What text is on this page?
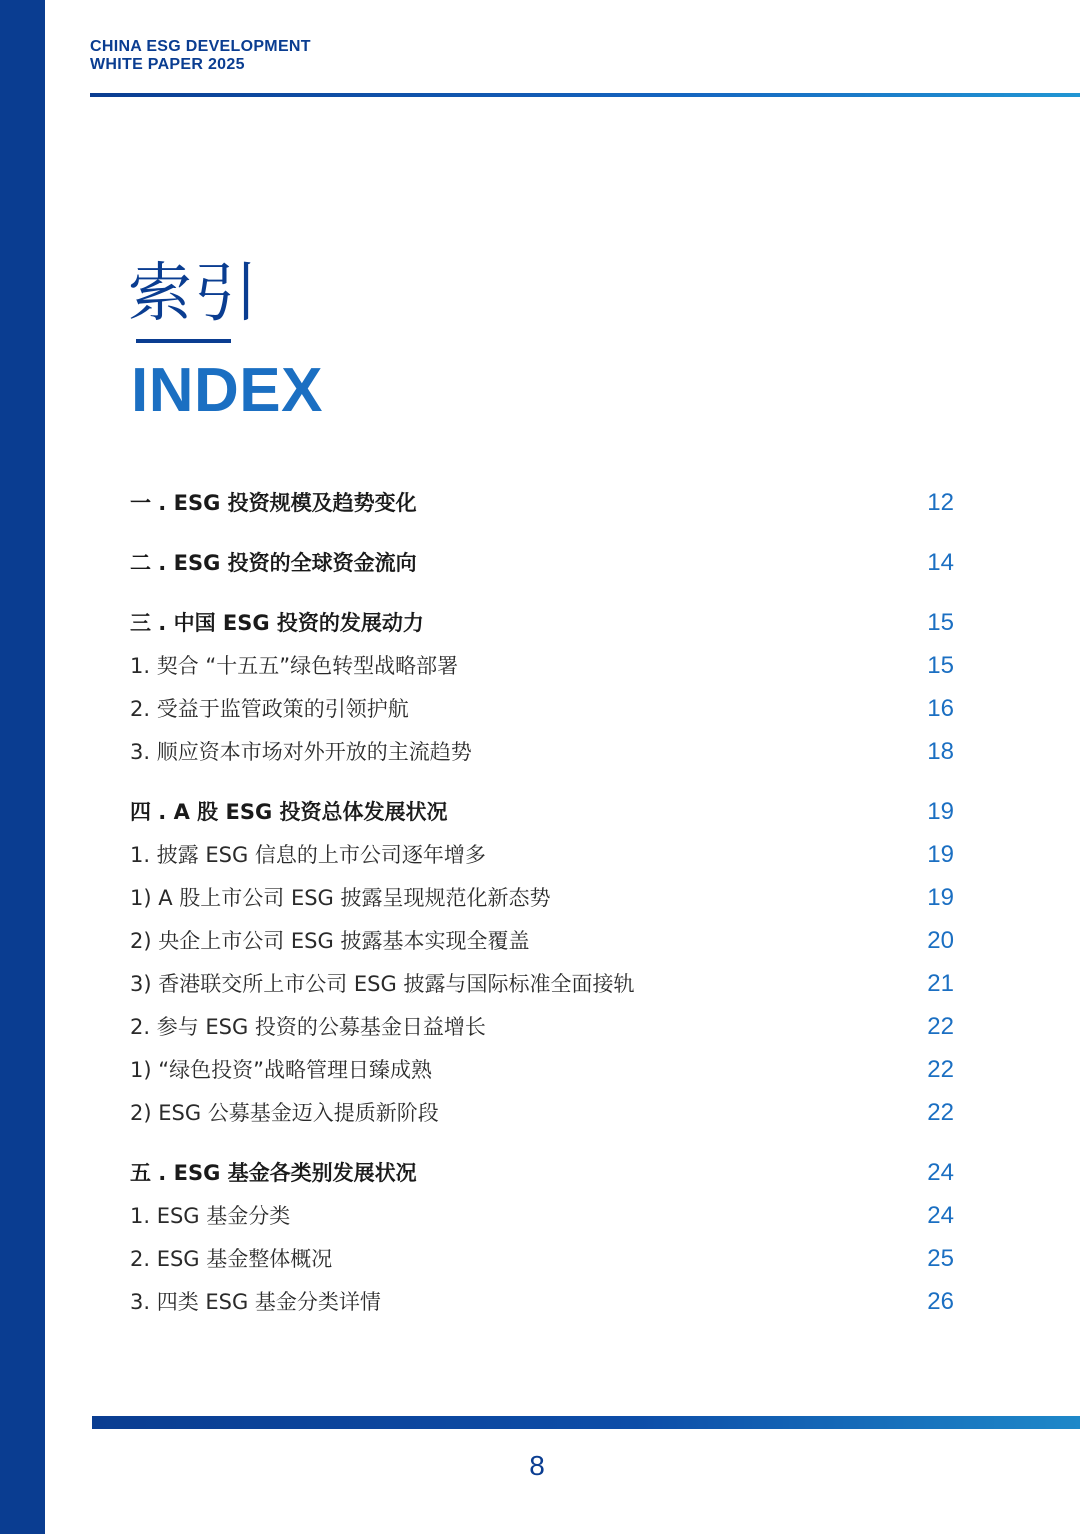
CHINA ESG DEVELOPMENT
WHITE PAPER 2025
索引
INDEX
一 . ESG 投资规模及趋势变化	12
二 . ESG 投资的全球资金流向	14
三 . 中国 ESG 投资的发展动力	15
1. 契合 “十五五”绿色转型战略部署	15
2. 受益于监管政策的引领护航	16
3. 顺应资本市场对外开放的主流趋势	18
四 . A 股 ESG 投资总体发展状况	19
1. 披露 ESG 信息的上市公司逐年增多	19
1) A 股上市公司 ESG 披露呈现规范化新态势	19
2) 央企上市公司 ESG 披露基本实现全覆盖	20
3) 香港联交所上市公司 ESG 披露与国际标准全面接轨	21
2. 参与 ESG 投资的公募基金日益增长	22
1) “绿色投资”战略管理日臻成熟	22
2) ESG 公募基金迈入提质新阶段	22
五 . ESG 基金各类别发展状况	24
1. ESG 基金分类	24
2. ESG 基金整体概况	25
3. 四类 ESG 基金分类详情	26
8
